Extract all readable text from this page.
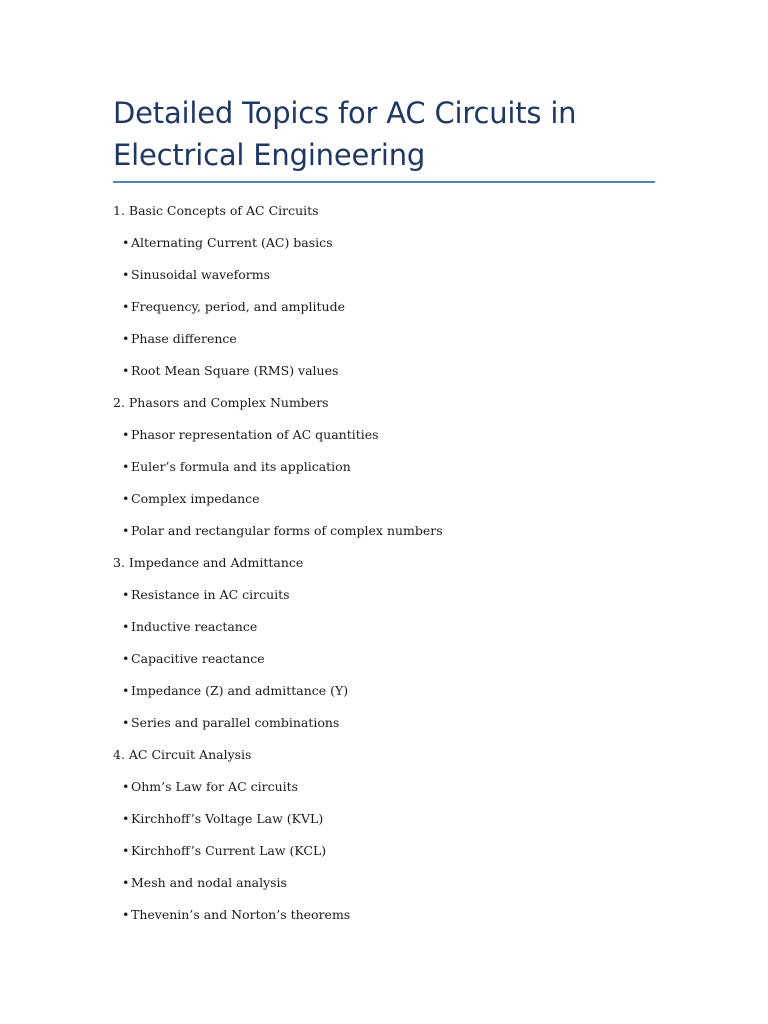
Detailed Topics for AC Circuits in
Electrical Engineering
1. Basic Concepts of AC Circuits
• Alternating Current (AC) basics
• Sinusoidal waveforms
• Frequency, period, and amplitude
• Phase difference
• Root Mean Square (RMS) values
2. Phasors and Complex Numbers
• Phasor representation of AC quantities
• Euler’s formula and its application
• Complex impedance
• Polar and rectangular forms of complex numbers
3. Impedance and Admittance
• Resistance in AC circuits
• Inductive reactance
• Capacitive reactance
• Impedance (Z) and admittance (Y)
• Series and parallel combinations
4. AC Circuit Analysis
• Ohm’s Law for AC circuits
• Kirchhoff’s Voltage Law (KVL)
• Kirchhoff’s Current Law (KCL)
• Mesh and nodal analysis
• Thevenin’s and Norton’s theorems
